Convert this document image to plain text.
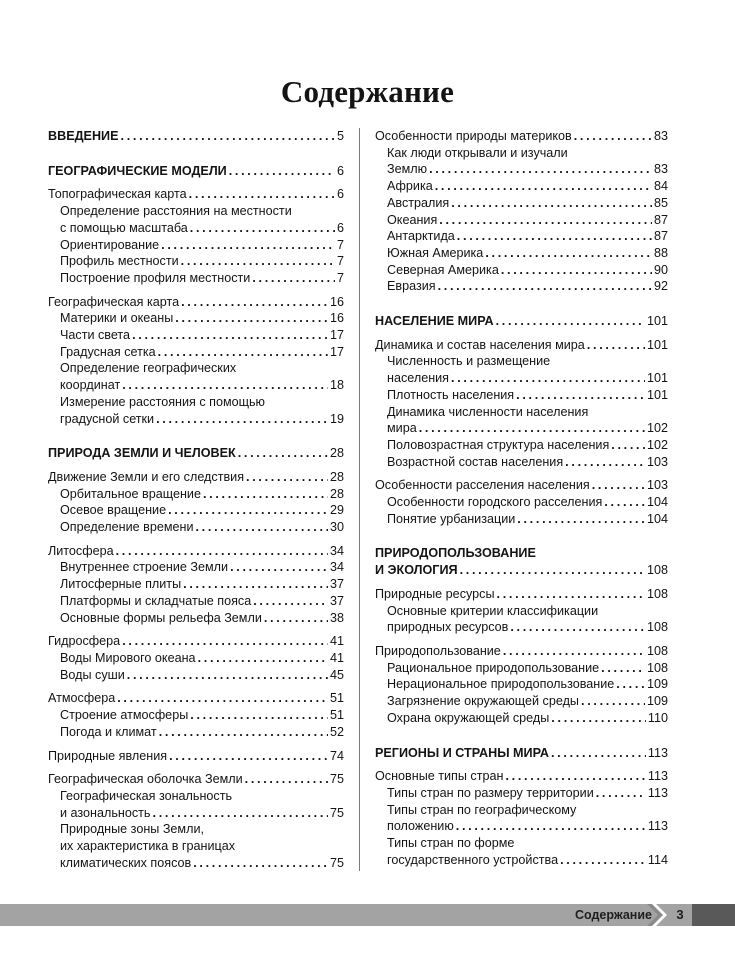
Содержание
ВВЕДЕНИЕ . . .	5
ГЕОГРАФИЧЕСКИЕ МОДЕЛИ . . .	6
Топографическая карта . . .	6
Определение расстояния на местности
с помощью масштаба . . .	6
Ориентирование . . .	7
Профиль местности . . .	7
Построение профиля местности . . .	7
Географическая карта . . .	16
Материки и океаны . . .	16
Части света . . .	17
Градусная сетка . . .	17
Определение географических
координат . . .	18
Измерение расстояния с помощью
градусной сетки . . .	19
ПРИРОДА ЗЕМЛИ И ЧЕЛОВЕК . . .	28
Движение Земли и его следствия . . .	28
Орбитальное вращение . . .	28
Осевое вращение . . .	29
Определение времени . . .	30
Литосфера . . .	34
Внутреннее строение Земли . . .	34
Литосферные плиты . . .	37
Платформы и складчатые пояса . . .	37
Основные формы рельефа Земли . . .	38
Гидросфера . . .	41
Воды Мирового океана . . .	41
Воды суши . . .	45
Атмосфера . . .	51
Строение атмосферы . . .	51
Погода и климат . . .	52
Природные явления . . .	74
Географическая оболочка Земли . . .	75
Географическая зональность
и азональность . . .	75
Природные зоны Земли,
их характеристика в границах
климатических поясов . . .	75
Особенности природы материков . . .	83
Как люди открывали и изучали
Землю . . .	83
Африка . . .	84
Австралия . . .	85
Океания . . .	87
Антарктида . . .	87
Южная Америка . . .	88
Северная Америка . . .	90
Евразия . . .	92
НАСЕЛЕНИЕ МИРА . . .	101
Динамика и состав населения мира . . .	101
Численность и размещение
населения . . .	101
Плотность населения . . .	101
Динамика численности населения
мира . . .	102
Половозрастная структура населения . . .	102
Возрастной состав населения . . .	103
Особенности расселения населения . . .	103
Особенности городского расселения . . .	104
Понятие урбанизации . . .	104
ПРИРОДОПОЛЬЗОВАНИЕ
И ЭКОЛОГИЯ . . .	108
Природные ресурсы . . .	108
Основные критерии классификации
природных ресурсов . . .	108
Природопользование . . .	108
Рациональное природопользование . . .	108
Нерациональное природопользование . . .	109
Загрязнение окружающей среды . . .	109
Охрана окружающей среды . . .	110
РЕГИОНЫ И СТРАНЫ МИРА . . .	113
Основные типы стран . . .	113
Типы стран по размеру территории . . .	113
Типы стран по географическому
положению . . .	113
Типы стран по форме
государственного устройства . . .	114
Содержание	3
